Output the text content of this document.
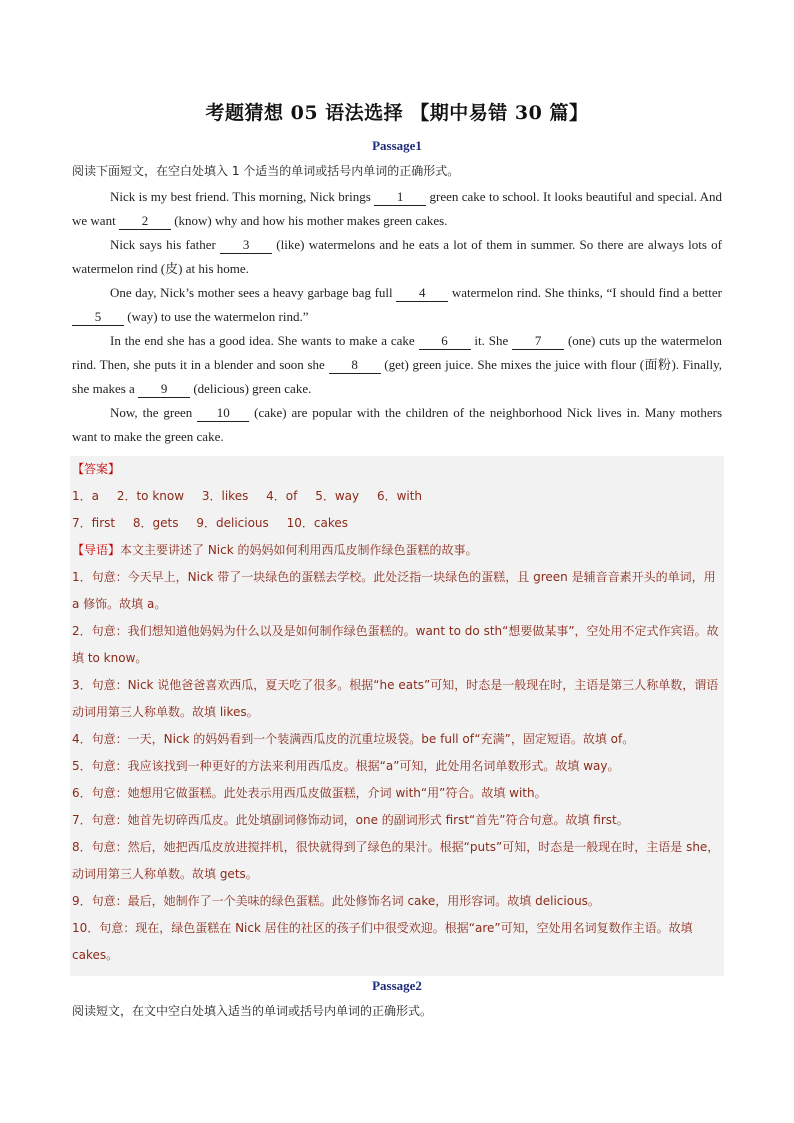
考题猜想 05 语法选择 【期中易错 30 篇】
Passage1
阅读下面短文，在空白处填入 1 个适当的单词或括号内单词的正确形式。

Nick is my best friend. This morning, Nick brings 1 green cake to school. It looks beautiful and special. And we want 2 (know) why and how his mother makes green cakes.

Nick says his father 3 (like) watermelons and he eats a lot of them in summer. So there are always lots of watermelon rind (皮) at his home.

One day, Nick’s mother sees a heavy garbage bag full 4 watermelon rind. She thinks, “I should find a better 5 (way) to use the watermelon rind.”

In the end she has a good idea. She wants to make a cake 6 it. She 7 (one) cuts up the watermelon rind. Then, she puts it in a blender and soon she 8 (get) green juice. She mixes the juice with flour (面粉). Finally, she makes a 9 (delicious) green cake.

Now, the green 10 (cake) are popular with the children of the neighborhood Nick lives in. Many mothers want to make the green cake.

【答案】
1．a 2．to know 3．likes 4．of 5．way 6．with
7．first 8．gets 9．delicious 10．cakes
【导语】本文主要讲述了 Nick 的妈妈如何利用西瓜皮制作绿色蛋糕的故事。
1．句意：今天早上，Nick 带了一块绿色的蛋糕去学校。此处泛指一块绿色的蛋糕，且 green 是辅音音素开头的单词，用 a 修饰。故填 a。
2．句意：我们想知道他妈妈为什么以及是如何制作绿色蛋糕的。want to do sth“想要做某事”，空处用不定式作宾语。故填 to know。
3．句意：Nick 说他爸爸喜欢西瓜，夏天吃了很多。根据“he eats”可知，时态是一般现在时，主语是第三人称单数，谓语动词用第三人称单数。故填 likes。
4．句意：一天，Nick 的妈妈看到一个装满西瓜皮的沉重垃圾袋。be full of“充满”，固定短语。故填 of。
5．句意：我应该找到一种更好的方法来利用西瓜皮。根据“a”可知，此处用名词单数形式。故填 way。
6．句意：她想用它做蛋糕。此处表示用西瓜皮做蛋糕，介词 with“用”符合。故填 with。
7．句意：她首先切碎西瓜皮。此处填副词修饰动词，one 的副词形式 first“首先”符合句意。故填 first。
8．句意：然后，她把西瓜皮放进搅拌机，很快就得到了绿色的果汁。根据“puts”可知，时态是一般现在时，主语是 she，动词用第三人称单数。故填 gets。
9．句意：最后，她制作了一个美味的绿色蛋糕。此处修饰名词 cake，用形容词。故填 delicious。
10．句意：现在，绿色蛋糕在 Nick 居住的社区的孩子们中很受欢迎。根据“are”可知，空处用名词复数作主语。故填 cakes。
Passage2
阅读短文，在文中空白处填入适当的单词或括号内单词的正确形式。
